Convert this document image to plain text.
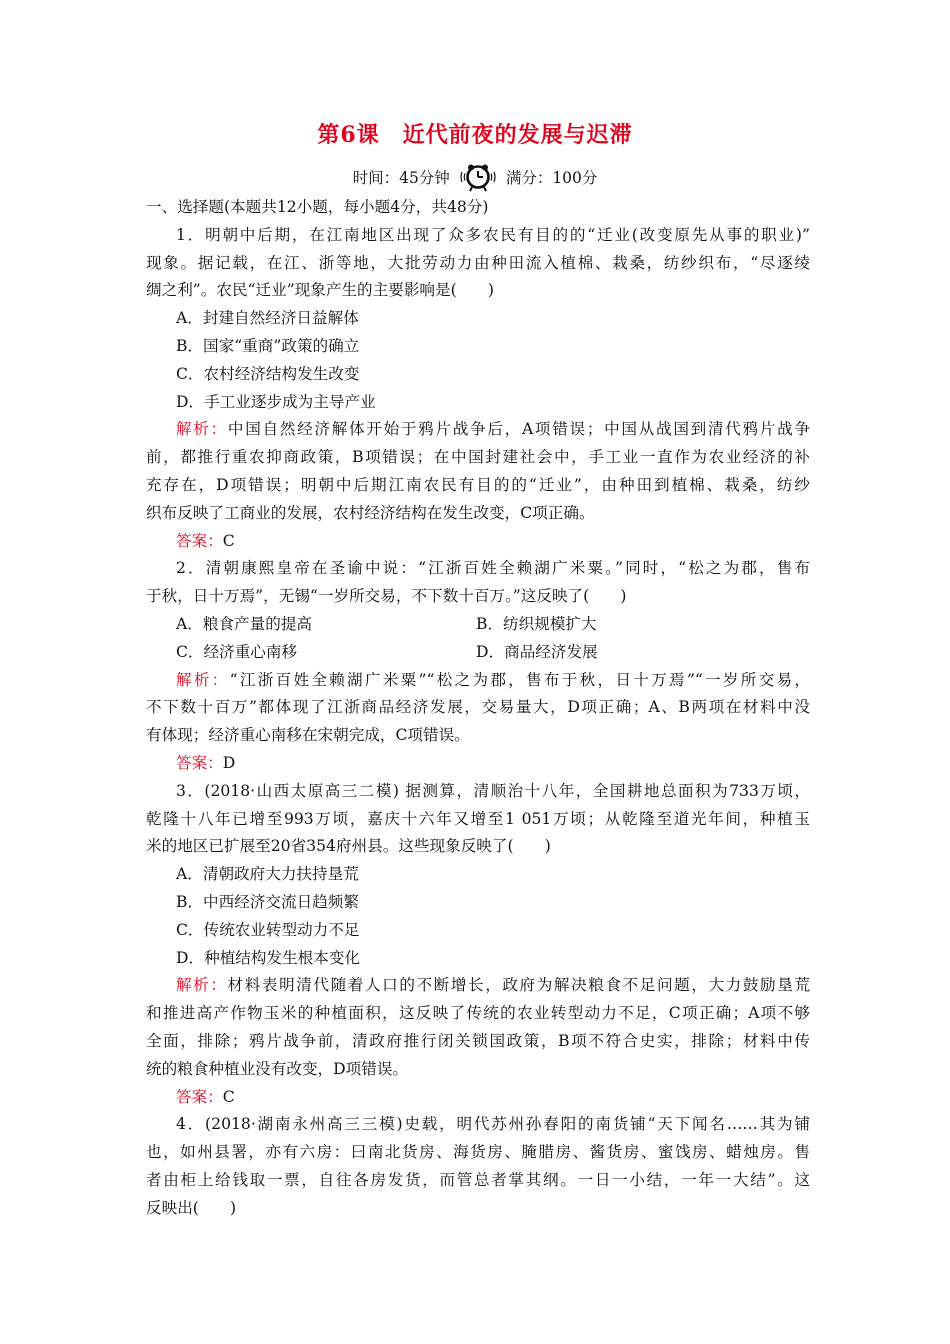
第6课　近代前夜的发展与迟滞
时间：45分钟	满分：100分
一、选择题(本题共12小题，每小题4分，共48分)
1．明朝中后期，在江南地区出现了众多农民有目的的“迁业(改变原先从事的职业)”
现象。据记载，在江、浙等地，大批劳动力由种田流入植棉、栽桑，纺纱织布，“尽逐绫
绸之利”。农民“迁业”现象产生的主要影响是(　　)
A．封建自然经济日益解体
B．国家“重商”政策的确立
C．农村经济结构发生改变
D．手工业逐步成为主导产业
解析：中国自然经济解体开始于鸦片战争后，A项错误；中国从战国到清代鸦片战争
前，都推行重农抑商政策，B项错误；在中国封建社会中，手工业一直作为农业经济的补
充存在，D项错误；明朝中后期江南农民有目的的“迁业”，由种田到植棉、栽桑，纺纱
织布反映了工商业的发展，农村经济结构在发生改变，C项正确。
答案：C
2．清朝康熙皇帝在圣谕中说：“江浙百姓全赖湖广米粟。”同时，“松之为郡，售布
于秋，日十万焉”，无锡“一岁所交易，不下数十百万。”这反映了(　　)
A．粮食产量的提高	B．纺织规模扩大
C．经济重心南移	D．商品经济发展
解析：“江浙百姓全赖湖广米粟”“松之为郡，售布于秋，日十万焉”“一岁所交易，
不下数十百万”都体现了江浙商品经济发展，交易量大，D项正确；A、B两项在材料中没
有体现；经济重心南移在宋朝完成，C项错误。
答案：D
3．(2018·山西太原高三二模) 据测算，清顺治十八年，全国耕地总面积为733万顷，
乾隆十八年已增至993万顷，嘉庆十六年又增至1 051万顷；从乾隆至道光年间，种植玉
米的地区已扩展至20省354府州县。这些现象反映了(　　)
A．清朝政府大力扶持垦荒
B．中西经济交流日趋频繁
C．传统农业转型动力不足
D．种植结构发生根本变化
解析：材料表明清代随着人口的不断增长，政府为解决粮食不足问题，大力鼓励垦荒
和推进高产作物玉米的种植面积，这反映了传统的农业转型动力不足，C项正确；A项不够
全面，排除；鸦片战争前，清政府推行闭关锁国政策，B项不符合史实，排除；材料中传
统的粮食种植业没有改变，D项错误。
答案：C
4．(2018·湖南永州高三三模)史载，明代苏州孙春阳的南货铺“天下闻名……其为铺
也，如州县署，亦有六房：曰南北货房、海货房、腌腊房、酱货房、蜜饯房、蜡烛房。售
者由柜上给钱取一票，自往各房发货，而管总者掌其纲。一日一小结，一年一大结”。这
反映出(　　)
